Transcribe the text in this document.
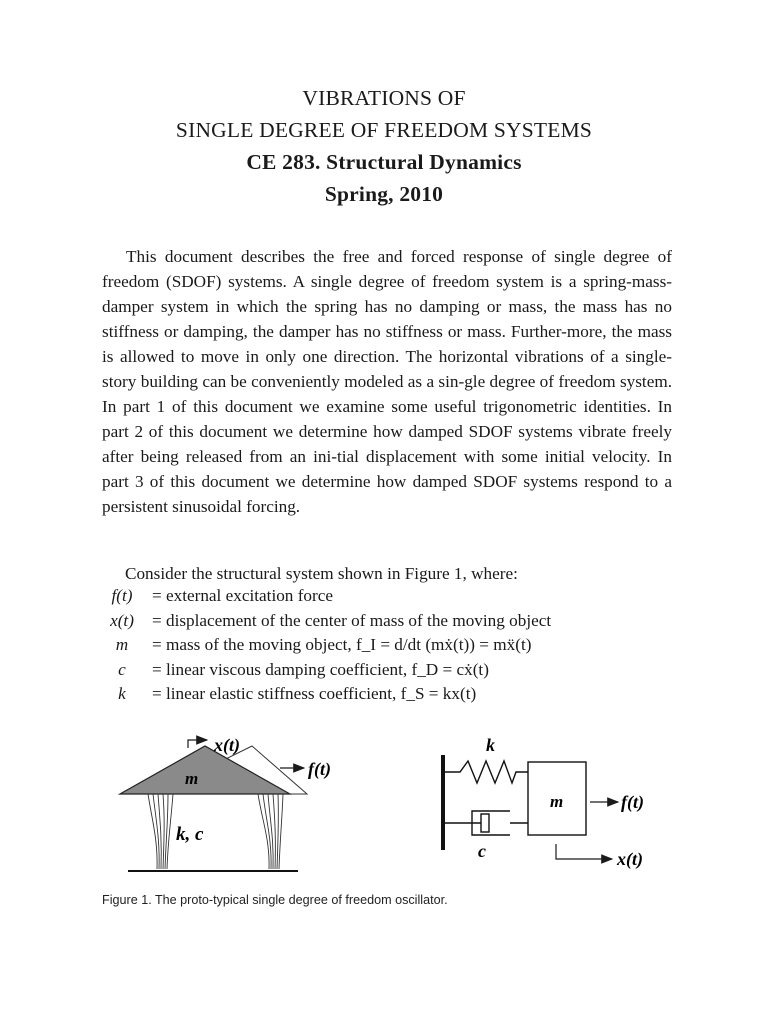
VIBRATIONS OF
SINGLE DEGREE OF FREEDOM SYSTEMS
CE 283. Structural Dynamics
Spring, 2010
This document describes the free and forced response of single degree of freedom (SDOF) systems. A single degree of freedom system is a spring-mass-damper system in which the spring has no damping or mass, the mass has no stiffness or damping, the damper has no stiffness or mass. Further-more, the mass is allowed to move in only one direction. The horizontal vibrations of a single-story building can be conveniently modeled as a sin-gle degree of freedom system. In part 1 of this document we examine some useful trigonometric identities. In part 2 of this document we determine how damped SDOF systems vibrate freely after being released from an ini-tial displacement with some initial velocity. In part 3 of this document we determine how damped SDOF systems respond to a persistent sinusoidal forcing.
Consider the structural system shown in Figure 1, where:
f(t)	= external excitation force
x(t)	= displacement of the center of mass of the moving object
m	= mass of the moving object, f_I = d/dt (mẋ(t)) = mẍ(t)
c	= linear viscous damping coefficient, f_D = cẋ(t)
k	= linear elastic stiffness coefficient, f_S = kx(t)
x(t)
f(t)
m
k, c
k
c
m	f(t)
x(t)
Figure 1. The proto-typical single degree of freedom oscillator.
